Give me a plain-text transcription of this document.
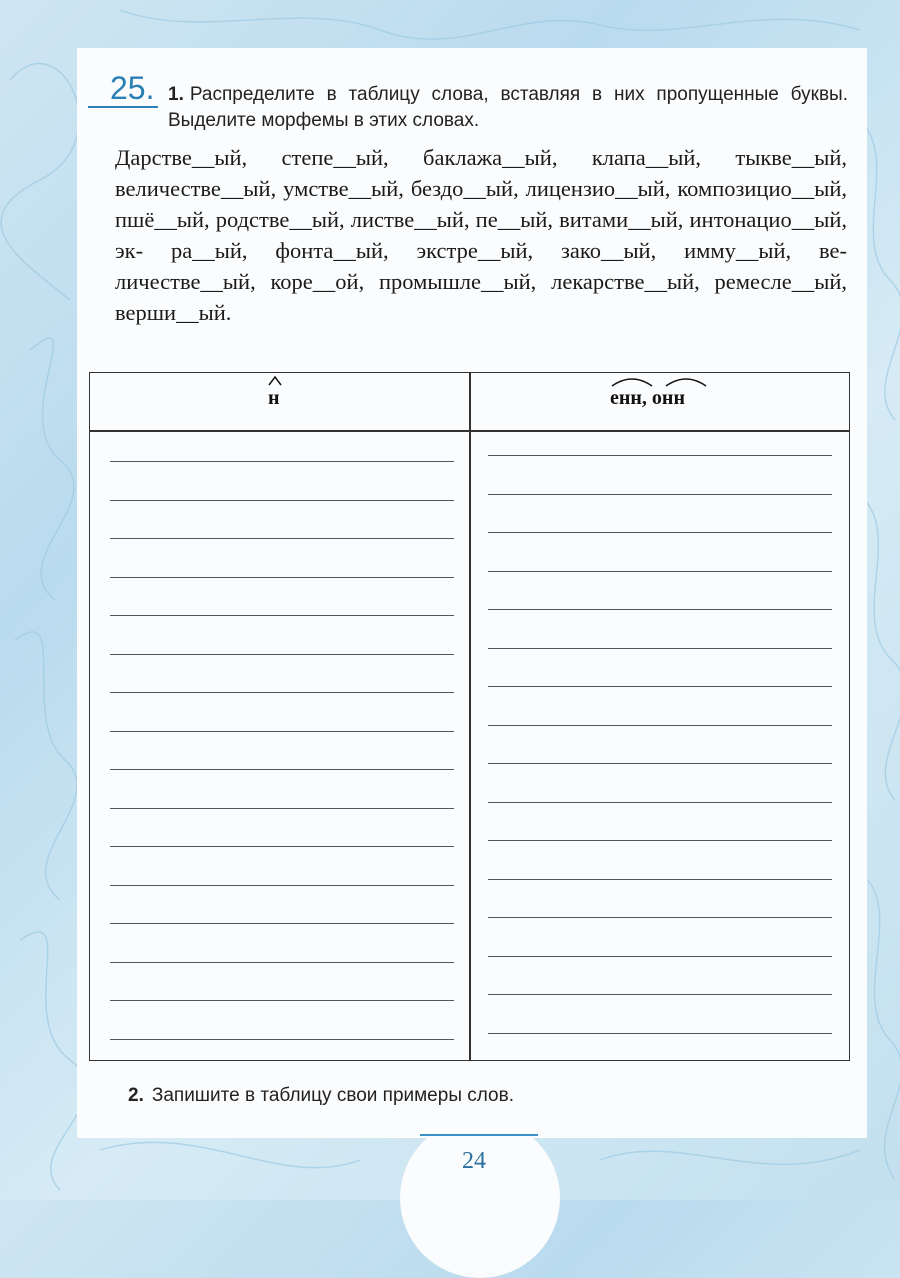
25. 1. Распределите в таблицу слова, вставляя в них пропущенные буквы. Выделите морфемы в этих словах.
Дарстве__ый, степе__ый, баклажа__ый, клапа__ый, тыкве__ый, величестве__ый, умстве__ый, бездо__ый, лицензио__ый, композицио__ый, пшё__ый, родстве__ый, листве__ый, пе__ый, витами__ый, интонацио__ый, эк- ра__ый, фонта__ый, экстре__ый, зако__ый, имму__ый, ве- личестве__ый, коре__ой, промышле__ый, лекарстве__ый, ремесле__ый, верши__ый.
н	енн, онн
2. Запишите в таблицу свои примеры слов.
24
